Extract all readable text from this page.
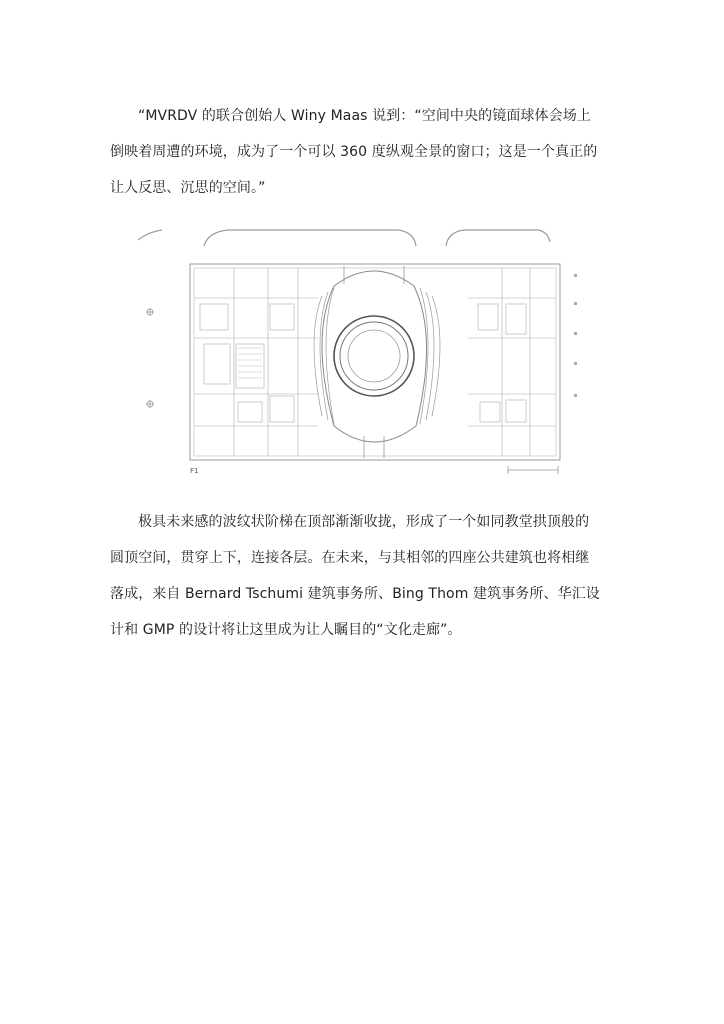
“MVRDV 的联合创始人 Winy Maas 说到：“空间中央的镜面球体会场上
倒映着周遭的环境，成为了一个可以 360 度纵观全景的窗口；这是一个真正的
让人反思、沉思的空间。”

F1

极具未来感的波纹状阶梯在顶部渐渐收拢，形成了一个如同教堂拱顶般的
圆顶空间，贯穿上下，连接各层。在未来，与其相邻的四座公共建筑也将相继
落成，来自 Bernard Tschumi 建筑事务所、Bing Thom 建筑事务所、华汇设
计和 GMP 的设计将让这里成为让人瞩目的“文化走廊”。
